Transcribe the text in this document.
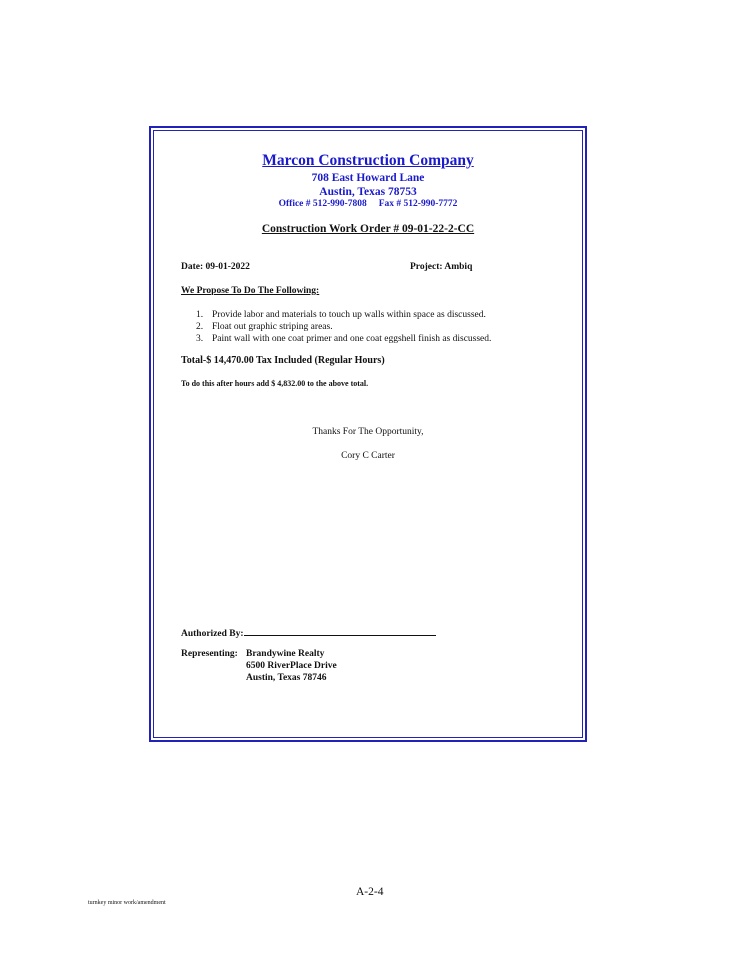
Marcon Construction Company
708 East Howard Lane
Austin, Texas 78753
Office # 512-990-7808 Fax # 512-990-7772
Construction Work Order # 09-01-22-2-CC
Date: 09-01-2022	Project: Ambiq
We Propose To Do The Following:
1. Provide labor and materials to touch up walls within space as discussed.
2. Float out graphic striping areas.
3. Paint wall with one coat primer and one coat eggshell finish as discussed.
Total-$ 14,470.00 Tax Included (Regular Hours)
To do this after hours add $ 4,832.00 to the above total.
Thanks For The Opportunity,
Cory C Carter
Authorized By:
Representing: Brandywine Realty
6500 RiverPlace Drive
Austin, Texas 78746
A-2-4
turnkey minor work/amendment
